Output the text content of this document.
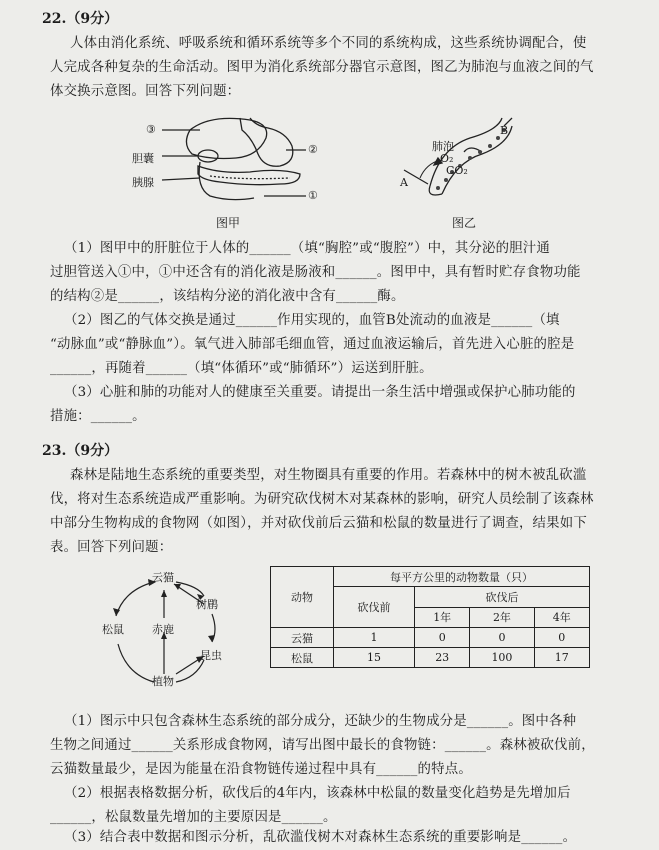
22.（9分）
人体由消化系统、呼吸系统和循环系统等多个不同的系统构成，这些系统协调配合，使
人完成各种复杂的生命活动。图甲为消化系统部分器官示意图，图乙为肺泡与血液之间的气
体交换示意图。回答下列问题：
③
②
①
胆囊
胰腺
图甲
肺泡
O₂
CO₂
A
B
图乙
（1）图甲中的肝脏位于人体的______（填“胸腔”或“腹腔”）中，其分泌的胆汁通
过胆管送入①中，①中还含有的消化液是肠液和______。图甲中，具有暂时贮存食物功能
的结构②是______，该结构分泌的消化液中含有______酶。
（2）图乙的气体交换是通过______作用实现的，血管B处流动的血液是______（填
“动脉血”或“静脉血”）。氧气进入肺部毛细血管，通过血液运输后，首先进入心脏的腔是
______，再随着______（填“体循环”或“肺循环”）运送到肝脏。
（3）心脏和肺的功能对人的健康至关重要。请提出一条生活中增强或保护心肺功能的
措施：______。
23.（9分）
森林是陆地生态系统的重要类型，对生物圈具有重要的作用。若森林中的树木被乱砍滥
伐，将对生态系统造成严重影响。为研究砍伐树木对某森林的影响，研究人员绘制了该森林
中部分生物构成的食物网（如图），并对砍伐前后云猫和松鼠的数量进行了调查，结果如下
表。回答下列问题：
云猫
树鹛
松鼠	赤鹿
昆虫
植物
动物	每平方公里的动物数量（只）			
	砍伐前	砍伐后		
		1年	2年	4年
云猫	1	0	0	0
松鼠	15	23	100	17
（1）图示中只包含森林生态系统的部分成分，还缺少的生物成分是______。图中各种
生物之间通过______关系形成食物网，请写出图中最长的食物链：______。森林被砍伐前，
云猫数量最少，是因为能量在沿食物链传递过程中具有______的特点。
（2）根据表格数据分析，砍伐后的4年内，该森林中松鼠的数量变化趋势是先增加后
______，松鼠数量先增加的主要原因是______。
（3）结合表中数据和图示分析，乱砍滥伐树木对森林生态系统的重要影响是______。
